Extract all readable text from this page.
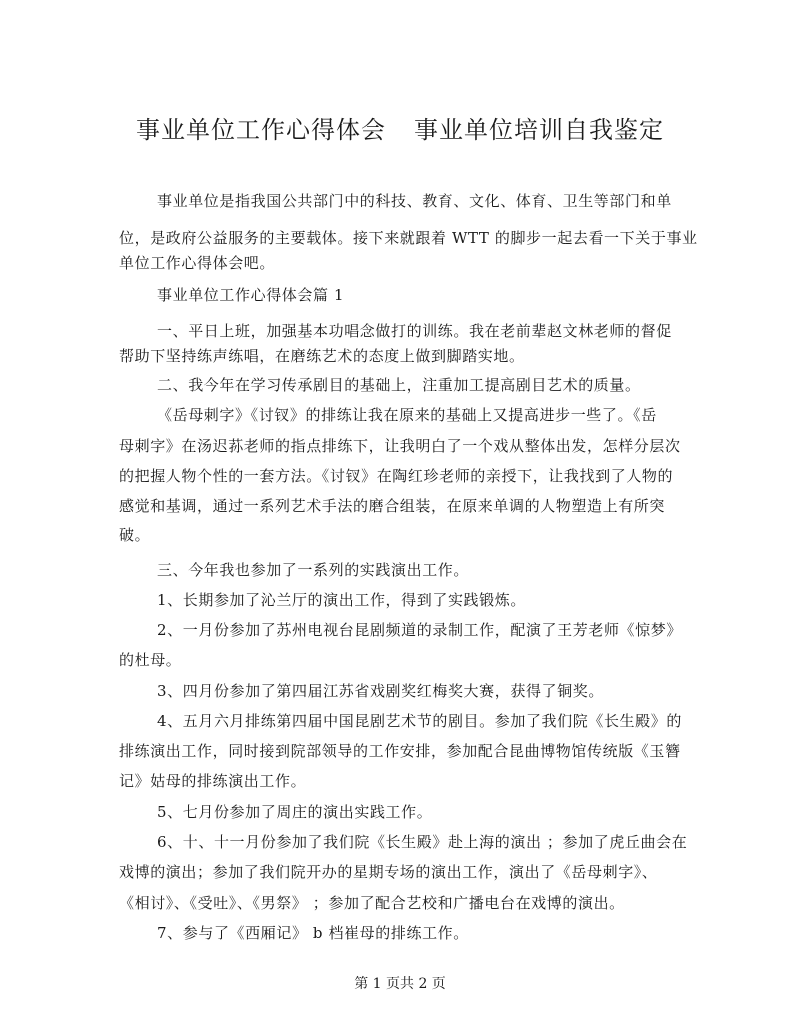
事业单位工作心得体会 事业单位培训自我鉴定
事业单位是指我国公共部门中的科技、教育、文化、体育、卫生等部门和单
位，是政府公益服务的主要载体。接下来就跟着 WTT 的脚步一起去看一下关于事业
单位工作心得体会吧。
事业单位工作心得体会篇 1
一、平日上班，加强基本功唱念做打的训练。我在老前辈赵文林老师的督促
帮助下坚持练声练唱，在磨练艺术的态度上做到脚踏实地。
二、我今年在学习传承剧目的基础上，注重加工提高剧目艺术的质量。
《岳母刺字》《讨钗》的排练让我在原来的基础上又提高进步一些了。《岳
母刺字》在汤迟荪老师的指点排练下，让我明白了一个戏从整体出发，怎样分层次
的把握人物个性的一套方法。《讨钗》在陶红珍老师的亲授下，让我找到了人物的
感觉和基调，通过一系列艺术手法的磨合组装，在原来单调的人物塑造上有所突
破。
三、今年我也参加了一系列的实践演出工作。
1、长期参加了沁兰厅的演出工作，得到了实践锻炼。
2、一月份参加了苏州电视台昆剧频道的录制工作，配演了王芳老师《惊梦》
的杜母。
3、四月份参加了第四届江苏省戏剧奖红梅奖大赛，获得了铜奖。
4、五月六月排练第四届中国昆剧艺术节的剧目。参加了我们院《长生殿》的
排练演出工作，同时接到院部领导的工作安排，参加配合昆曲博物馆传统版《玉簪
记》姑母的排练演出工作。
5、七月份参加了周庄的演出实践工作。
6、十、十一月份参加了我们院《长生殿》赴上海的演出 ；参加了虎丘曲会在
戏博的演出；参加了我们院开办的星期专场的演出工作，演出了《岳母刺字》、
《相讨》、《受吐》、《男祭》 ；参加了配合艺校和广播电台在戏博的演出。
7、参与了《西厢记》 b 档崔母的排练工作。
第 1 页共 2 页
